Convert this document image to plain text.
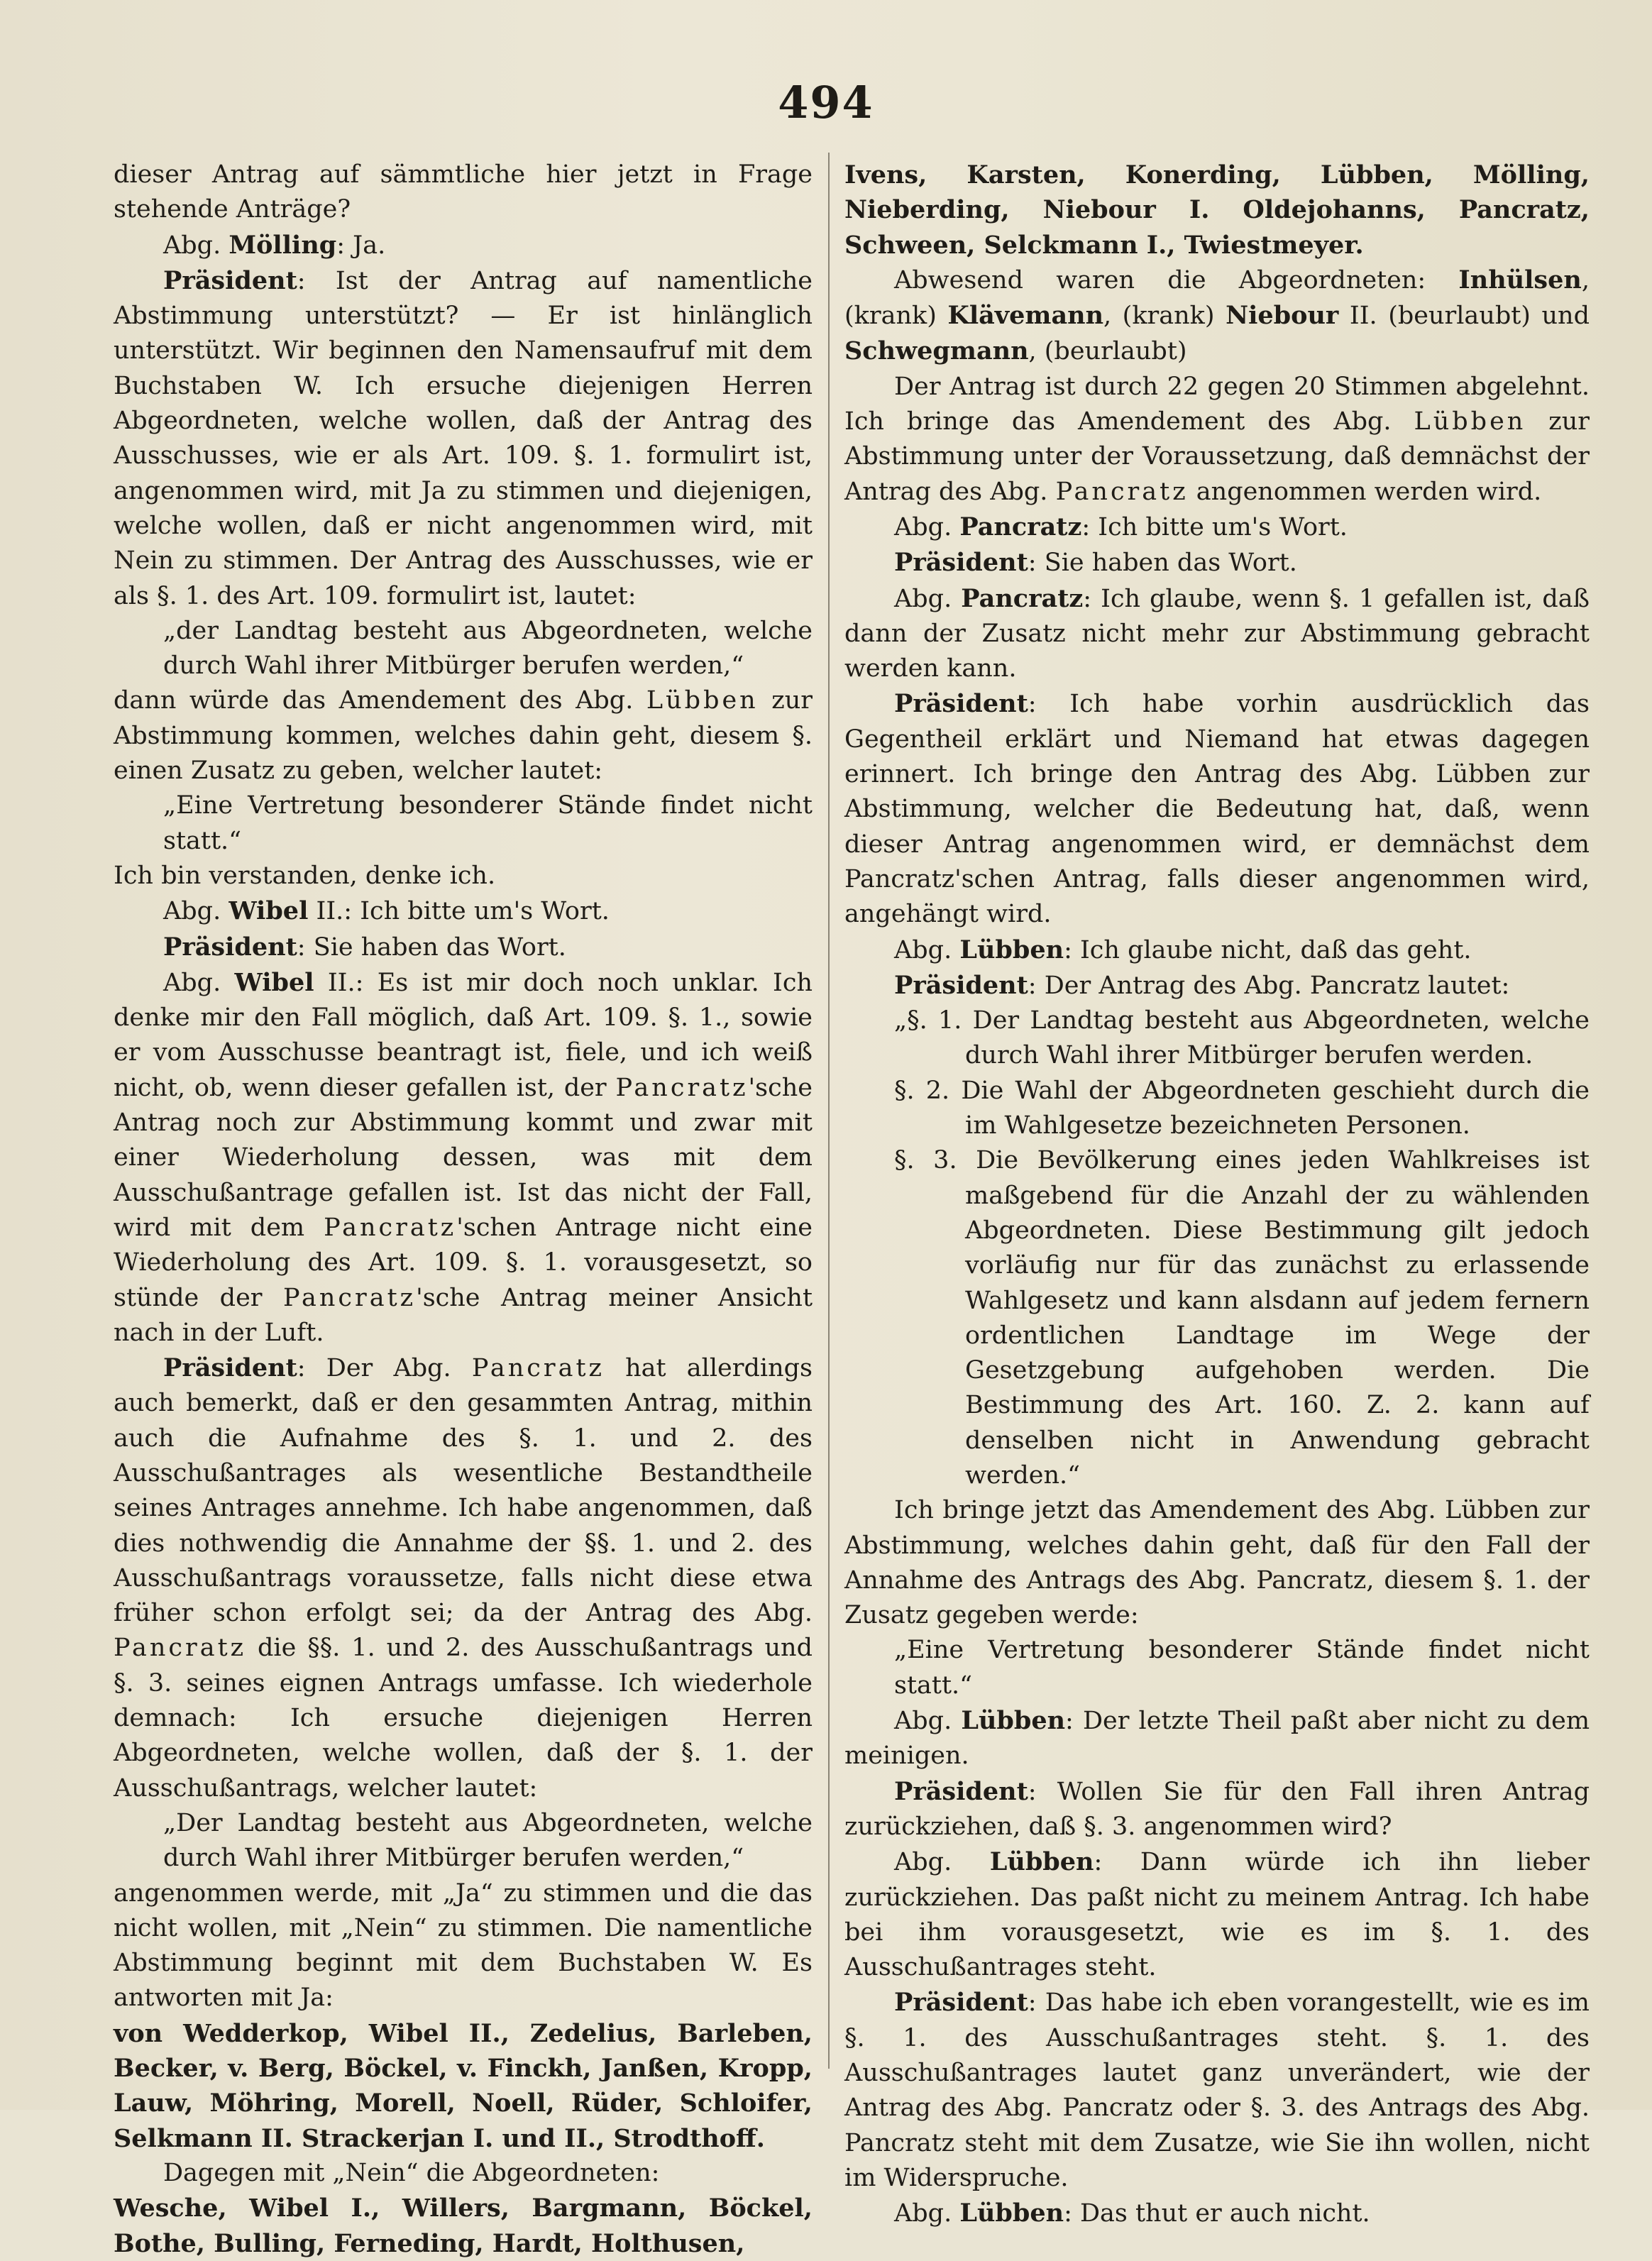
494

dieser Antrag auf sämmtliche hier jetzt in Frage stehende Anträge?

Abg. Mölling: Ja.

Präsident: Ist der Antrag auf namentliche Abstimmung unterstützt? — Er ist hinlänglich unterstützt. Wir beginnen den Namensaufruf mit dem Buchstaben W. Ich ersuche diejenigen Herren Abgeordneten, welche wollen, daß der Antrag des Ausschusses, wie er als Art. 109. §. 1. formulirt ist, angenommen wird, mit Ja zu stimmen und diejenigen, welche wollen, daß er nicht angenommen wird, mit Nein zu stimmen. Der Antrag des Ausschusses, wie er als §. 1. des Art. 109. formulirt ist, lautet:

„der Landtag besteht aus Abgeordneten, welche durch Wahl ihrer Mitbürger berufen werden,“

dann würde das Amendement des Abg. Lübben zur Abstimmung kommen, welches dahin geht, diesem §. einen Zusatz zu geben, welcher lautet:

„Eine Vertretung besonderer Stände findet nicht statt.“

Ich bin verstanden, denke ich.

Abg. Wibel II.: Ich bitte um's Wort.

Präsident: Sie haben das Wort.

Abg. Wibel II.: Es ist mir doch noch unklar. Ich denke mir den Fall möglich, daß Art. 109. §. 1., sowie er vom Ausschusse beantragt ist, fiele, und ich weiß nicht, ob, wenn dieser gefallen ist, der Pancratz'sche Antrag noch zur Abstimmung kommt und zwar mit einer Wiederholung dessen, was mit dem Ausschußantrage gefallen ist. Ist das nicht der Fall, wird mit dem Pancratz'schen Antrage nicht eine Wiederholung des Art. 109. §. 1. vorausgesetzt, so stünde der Pancratz'sche Antrag meiner Ansicht nach in der Luft.

Präsident: Der Abg. Pancratz hat allerdings auch bemerkt, daß er den gesammten Antrag, mithin auch die Aufnahme des §. 1. und 2. des Ausschußantrages als wesentliche Bestandtheile seines Antrages annehme. Ich habe angenommen, daß dies nothwendig die Annahme der §§. 1. und 2. des Ausschußantrags voraussetze, falls nicht diese etwa früher schon erfolgt sei; da der Antrag des Abg. Pancratz die §§. 1. und 2. des Ausschußantrags und §. 3. seines eignen Antrags umfasse. Ich wiederhole demnach: Ich ersuche diejenigen Herren Abgeordneten, welche wollen, daß der §. 1. der Ausschußantrags, welcher lautet:

„Der Landtag besteht aus Abgeordneten, welche durch Wahl ihrer Mitbürger berufen werden,“

angenommen werde, mit „Ja“ zu stimmen und die das nicht wollen, mit „Nein“ zu stimmen. Die namentliche Abstimmung beginnt mit dem Buchstaben W. Es antworten mit Ja:

von Wedderkop, Wibel II., Zedelius, Barleben, Becker, v. Berg, Böckel, v. Finckh, Janßen, Kropp, Lauw, Möhring, Morell, Noell, Rüder, Schloifer, Selkmann II. Strackerjan I. und II., Strodthoff.

Dagegen mit „Nein“ die Abgeordneten:

Wesche, Wibel I., Willers, Bargmann, Böckel, Bothe, Bulling, Ferneding, Hardt, Holthusen,

Ivens, Karsten, Konerding, Lübben, Mölling, Nieberding, Niebour I. Oldejohanns, Pancratz, Schween, Selckmann I., Twiestmeyer.

Abwesend waren die Abgeordneten: Inhülsen, (krank) Klävemann, (krank) Niebour II. (beurlaubt) und Schwegmann, (beurlaubt)

Der Antrag ist durch 22 gegen 20 Stimmen abgelehnt. Ich bringe das Amendement des Abg. Lübben zur Abstimmung unter der Voraussetzung, daß demnächst der Antrag des Abg. Pancratz angenommen werden wird.

Abg. Pancratz: Ich bitte um's Wort.

Präsident: Sie haben das Wort.

Abg. Pancratz: Ich glaube, wenn §. 1 gefallen ist, daß dann der Zusatz nicht mehr zur Abstimmung gebracht werden kann.

Präsident: Ich habe vorhin ausdrücklich das Gegentheil erklärt und Niemand hat etwas dagegen erinnert. Ich bringe den Antrag des Abg. Lübben zur Abstimmung, welcher die Bedeutung hat, daß, wenn dieser Antrag angenommen wird, er demnächst dem Pancratz'schen Antrag, falls dieser angenommen wird, angehängt wird.

Abg. Lübben: Ich glaube nicht, daß das geht.

Präsident: Der Antrag des Abg. Pancratz lautet:

„§. 1. Der Landtag besteht aus Abgeordneten, welche durch Wahl ihrer Mitbürger berufen werden.

§. 2. Die Wahl der Abgeordneten geschieht durch die im Wahlgesetze bezeichneten Personen.

§. 3. Die Bevölkerung eines jeden Wahlkreises ist maßgebend für die Anzahl der zu wählenden Abgeordneten. Diese Bestimmung gilt jedoch vorläufig nur für das zunächst zu erlassende Wahlgesetz und kann alsdann auf jedem fernern ordentlichen Landtage im Wege der Gesetzgebung aufgehoben werden. Die Bestimmung des Art. 160. Z. 2. kann auf denselben nicht in Anwendung gebracht werden.“

Ich bringe jetzt das Amendement des Abg. Lübben zur Abstimmung, welches dahin geht, daß für den Fall der Annahme des Antrags des Abg. Pancratz, diesem §. 1. der Zusatz gegeben werde:

„Eine Vertretung besonderer Stände findet nicht statt.“

Abg. Lübben: Der letzte Theil paßt aber nicht zu dem meinigen.

Präsident: Wollen Sie für den Fall ihren Antrag zurückziehen, daß §. 3. angenommen wird?

Abg. Lübben: Dann würde ich ihn lieber zurückziehen. Das paßt nicht zu meinem Antrag. Ich habe bei ihm vorausgesetzt, wie es im §. 1. des Ausschußantrages steht.

Präsident: Das habe ich eben vorangestellt, wie es im §. 1. des Ausschußantrages steht. §. 1. des Ausschußantrages lautet ganz unverändert, wie der Antrag des Abg. Pancratz oder §. 3. des Antrags des Abg. Pancratz steht mit dem Zusatze, wie Sie ihn wollen, nicht im Widerspruche.

Abg. Lübben: Das thut er auch nicht.
